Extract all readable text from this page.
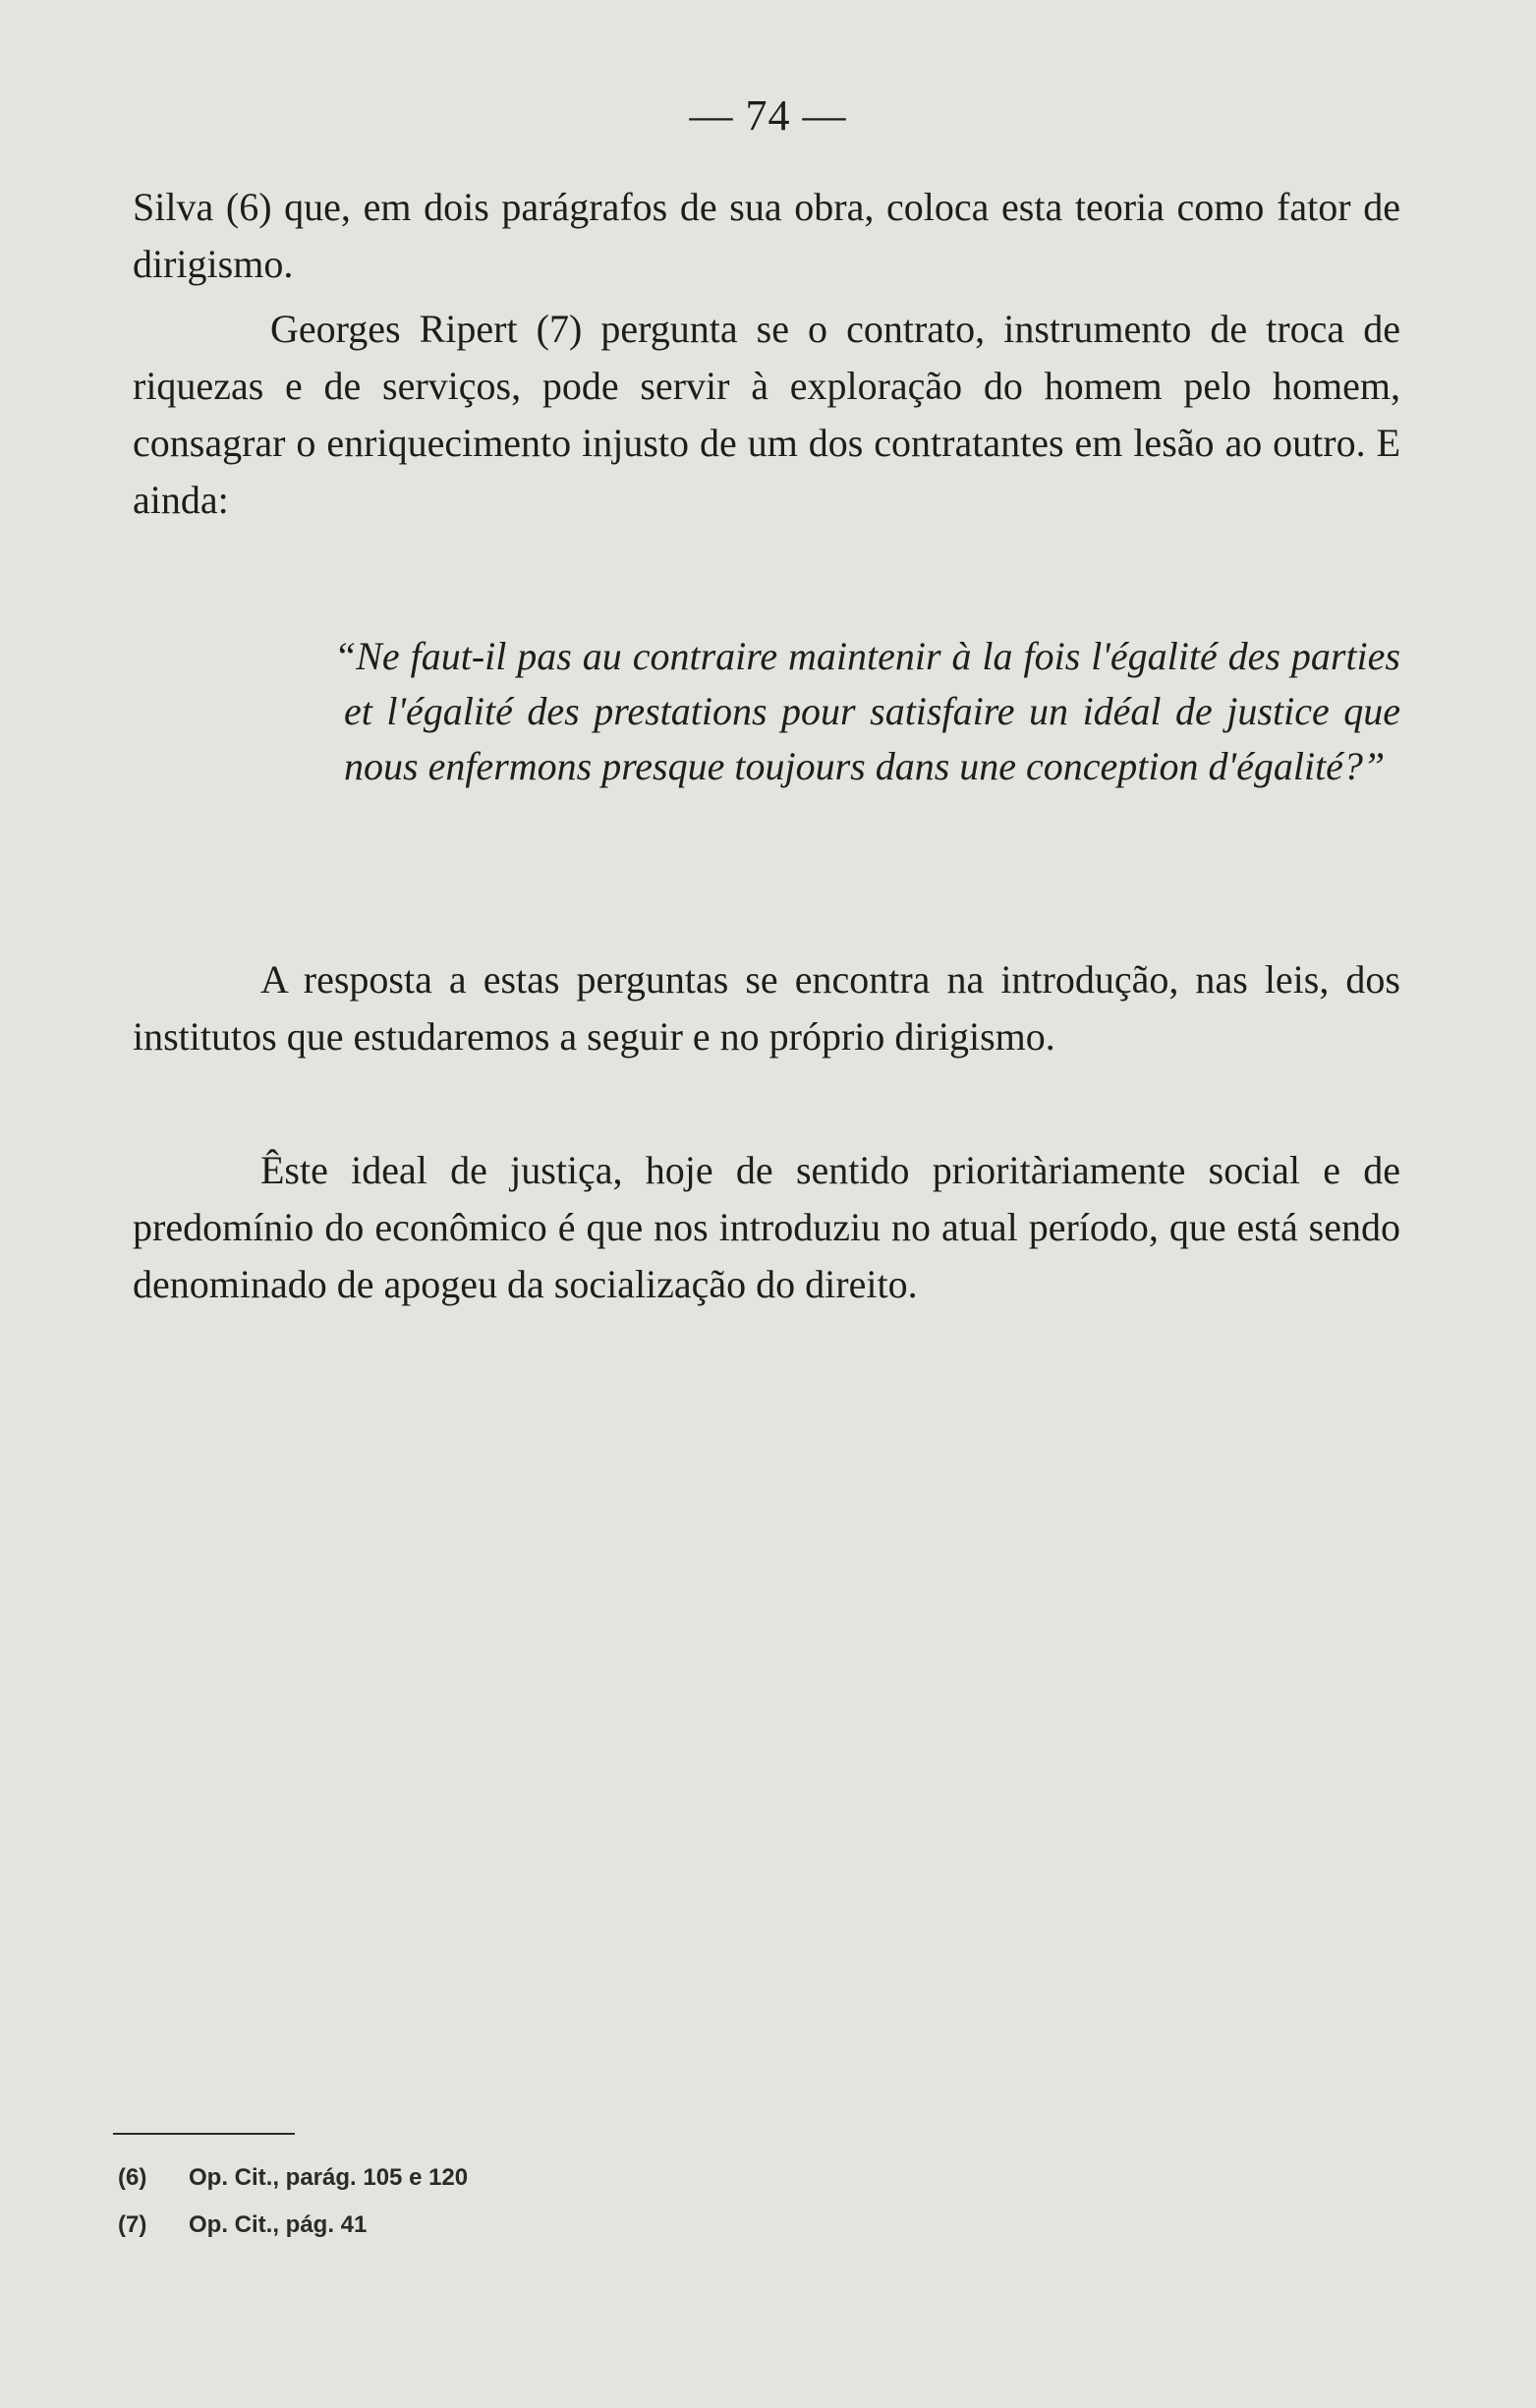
— 74 —

Silva (6) que, em dois parágrafos de sua obra, coloca esta teoria como fator de dirigismo.

Georges Ripert (7) pergunta se o contrato, instrumento de troca de riquezas e de serviços, pode servir à exploração do homem pelo homem, consagrar o enriquecimento injusto de um dos contratantes em lesão ao outro. E ainda:

“Ne faut-il pas au contraire maintenir à la fois l'égalité des parties et l'égalité des prestations pour satisfaire un idéal de justice que nous enfermons presque toujours dans une conception d'égalité?”

A resposta a estas perguntas se encontra na introdução, nas leis, dos institutos que estudaremos a seguir e no próprio dirigismo.

Êste ideal de justiça, hoje de sentido prioritàriamente social e de predomínio do econômico é que nos introduziu no atual período, que está sendo denominado de apogeu da socialização do direito.

(6) Op. Cit., parág. 105 e 120
(7) Op. Cit., pág. 41
